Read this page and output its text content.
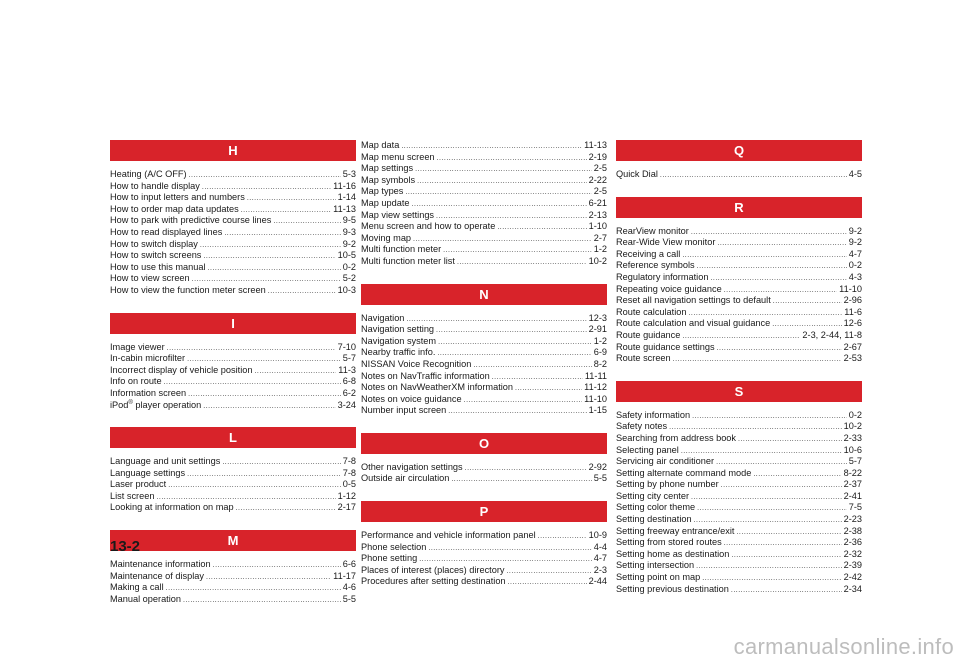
H
Heating (A/C OFF) .....	5-3
How to handle display .....	11-16
How to input letters and numbers .....	1-14
How to order map data updates .....	11-13
How to park with predictive course lines .....	9-5
How to read displayed lines .....	9-3
How to switch display .....	9-2
How to switch screens .....	10-5
How to use this manual .....	0-2
How to view screen .....	5-2
How to view the function meter screen .....	10-3
I
Image viewer .....	7-10
In-cabin microfilter .....	5-7
Incorrect display of vehicle position .....	11-3
Info on route .....	6-8
Information screen .....	6-2
iPod® player operation .....	3-24
L
Language and unit settings .....	7-8
Language settings .....	7-8
Laser product .....	0-5
List screen .....	1-12
Looking at information on map .....	2-17
M
Maintenance information .....	6-6
Maintenance of display .....	11-17
Making a call .....	4-6
Manual operation .....	5-5
Map data .....	11-13
Map menu screen .....	2-19
Map settings .....	2-5
Map symbols .....	2-22
Map types .....	2-5
Map update .....	6-21
Map view settings .....	2-13
Menu screen and how to operate .....	1-10
Moving map .....	2-7
Multi function meter .....	1-2
Multi function meter list .....	10-2
N
Navigation .....	12-3
Navigation setting .....	2-91
Navigation system .....	1-2
Nearby traffic info. .....	6-9
NISSAN Voice Recognition .....	8-2
Notes on NavTraffic information .....	11-11
Notes on NavWeatherXM information .....	11-12
Notes on voice guidance .....	11-10
Number input screen .....	1-15
O
Other navigation settings .....	2-92
Outside air circulation .....	5-5
P
Performance and vehicle information panel .....	10-9
Phone selection .....	4-4
Phone setting .....	4-7
Places of interest (places) directory .....	2-3
Procedures after setting destination .....	2-44
Q
Quick Dial .....	4-5
R
RearView monitor .....	9-2
Rear-Wide View monitor .....	9-2
Receiving a call .....	4-7
Reference symbols .....	0-2
Regulatory information .....	4-3
Repeating voice guidance .....	11-10
Reset all navigation settings to default .....	2-96
Route calculation .....	11-6
Route calculation and visual guidance .....	12-6
Route guidance .....	2-3, 2-44, 11-8
Route guidance settings .....	2-67
Route screen .....	2-53
S
Safety information .....	0-2
Safety notes .....	10-2
Searching from address book .....	2-33
Selecting panel .....	10-6
Servicing air conditioner .....	5-7
Setting alternate command mode .....	8-22
Setting by phone number .....	2-37
Setting city center .....	2-41
Setting color theme .....	7-5
Setting destination .....	2-23
Setting freeway entrance/exit .....	2-38
Setting from stored routes .....	2-36
Setting home as destination .....	2-32
Setting intersection .....	2-39
Setting point on map .....	2-42
Setting previous destination .....	2-34
13-2
carmanualsonline.info
